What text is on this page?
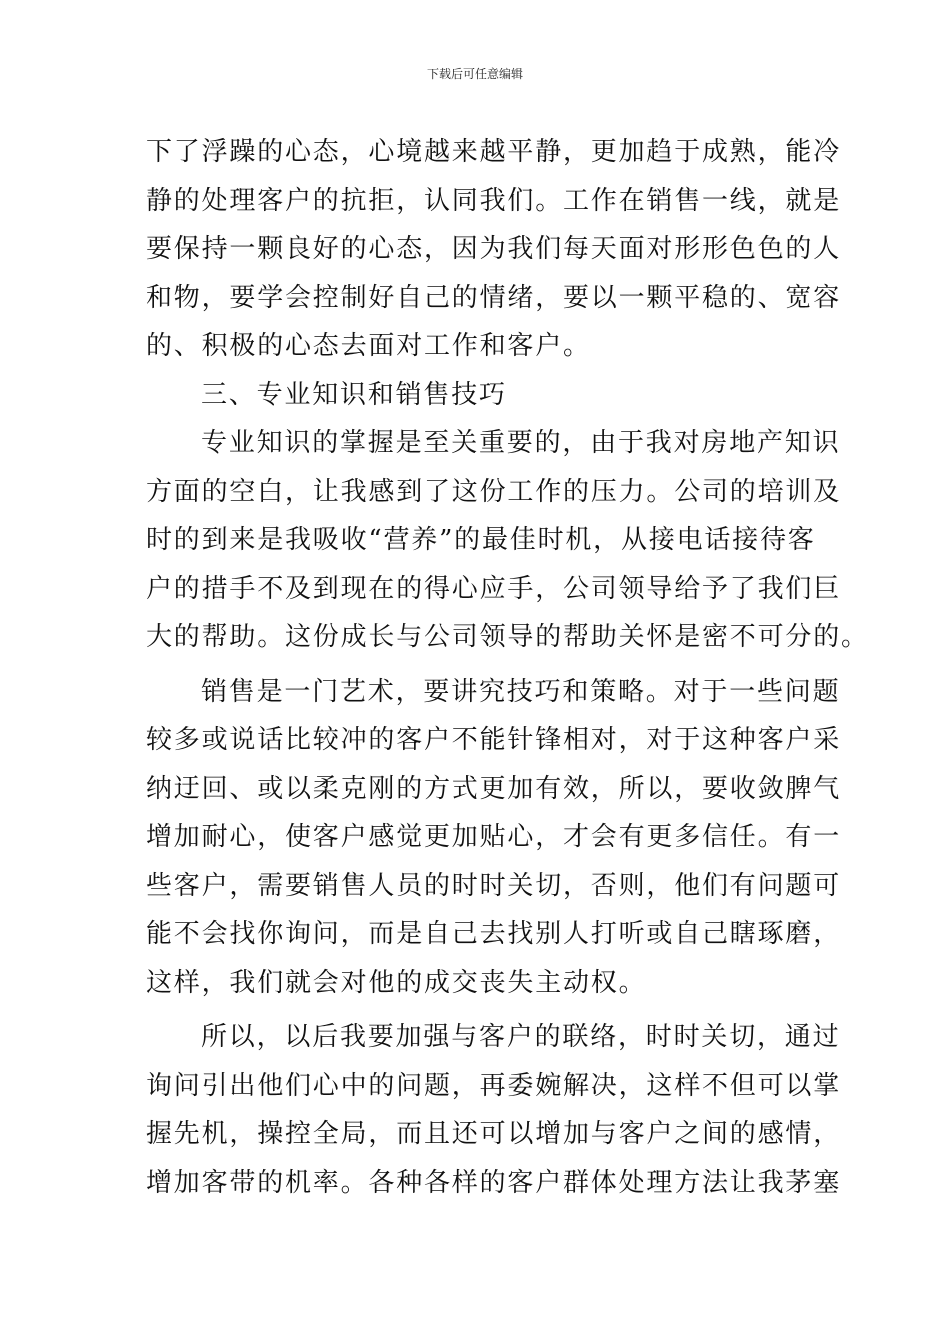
下载后可任意编辑
下了浮躁的心态，心境越来越平静，更加趋于成熟，能冷
静的处理客户的抗拒，认同我们。工作在销售一线，就是
要保持一颗良好的心态，因为我们每天面对形形色色的人
和物，要学会控制好自己的情绪，要以一颗平稳的、宽容
的、积极的心态去面对工作和客户。
三、专业知识和销售技巧
专业知识的掌握是至关重要的，由于我对房地产知识
方面的空白，让我感到了这份工作的压力。公司的培训及
时的到来是我吸收“营养”的最佳时机，从接电话接待客
户的措手不及到现在的得心应手，公司领导给予了我们巨
大的帮助。这份成长与公司领导的帮助关怀是密不可分的。
销售是一门艺术，要讲究技巧和策略。对于一些问题
较多或说话比较冲的客户不能针锋相对，对于这种客户采
纳迂回、或以柔克刚的方式更加有效，所以，要收敛脾气
增加耐心，使客户感觉更加贴心，才会有更多信任。有一
些客户，需要销售人员的时时关切，否则，他们有问题可
能不会找你询问，而是自己去找别人打听或自己瞎琢磨，
这样，我们就会对他的成交丧失主动权。
所以，以后我要加强与客户的联络，时时关切，通过
询问引出他们心中的问题，再委婉解决，这样不但可以掌
握先机，操控全局，而且还可以增加与客户之间的感情，
增加客带的机率。各种各样的客户群体处理方法让我茅塞
